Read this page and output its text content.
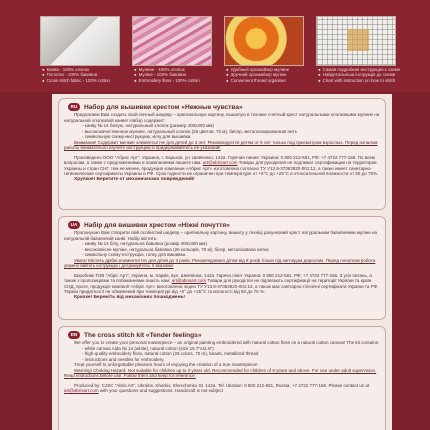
● Канва - 100% хлопок
● Полотно - 100% бавовна
● Cross stitch fabric - 100% cotton
● Мулине - 100% хлопок
● Муліне - 100% бавовна
● Embroidery floss - 100% cotton
● Удобный органайзер мулине
● Зручний органайзер муліне
● Convenient thread organiser
● Самая подробная инструкция к схеме
● Найдетальніша інструкція до схеми
● Chart with instruction on how to stitch
RU	Набор для вышивки крестом «Нежные чувства»
Предлагаем Вам создать свой личный шедевр – оригинальную картину, вышитую в технике счетный крест натуральными хлопковыми мулине на натуральной хлопковой канве! Набор содержит:
- канву № 14 белую, натуральный хлопок (размер 400х300 мм)
- высококачественное мулине, натуральный хлопок (26 цветов, 70 м), бисер, металлизированная нить
- символьную схему-инструкцию, иглу для вышивки.
Внимание! Содержит мелкие элементы! Не для детей до 3 лет. Рекомендуется детям от 8 лет только под присмотром взрослых. Перед началом работы внимательно изучите инструкцию и придерживайтесь ее указаний!
Произведено ООО "Абрис Арт", Украина, г. Харьков, ул. Шевченко, 142а. Горячая линия: Украина: 0 800 212-581, РФ: +7 4722 777-166. По всем вопросам, а также с предложениями и пожеланиями пишите нам: art@abrisart.com Товары для рукоделия не подлежат сертификации на территории Украины и стран СНГ, тем не менее, продукция компании «Абрис Арт» изготовлена согласно ТУ У13.9-37363920-001:12, а также имеет санитарно-гигиенические сертификаты Украины и РФ. Срок годности не ограничен при температуре от +5°С до +25°С и относительной влажности от 50 до 75%.
Хрупкое! Берегите от механических повреждений!
UA	Набір для вишивки хрестом «Ніжні почуття»
Пропонуємо Вам створити свій особистий шедевр – оригінальну картину, вишиту у техніці рахунковий хрест натуральним бавовняним муліне на натуральній бавовняній канві. Набір містить:
- канву № 14 білу, натуральна бавовна (розмір 400х300 мм)
- високоякісне муліне, натуральна бавовна (26 кольорів, 70 м), бісер, металізована нитка
- символьну схему-інструкцію, голку для вишивки.
Увага! Містить дрібні елементи! Не для дітей до 3 років. Рекомендовано дітям від 8 років тільки під наглядом дорослих. Перед початком роботи уважно вивчіть інструкцію і дотримуйтесь її вказівок!
Виробник ТОВ "Абріс Арт", Україна, м. Харків, вул. Шевченка, 142а. Гаряча лінія: Україна: 0 800 212-581, РФ: +7 4722 777-166. З усіх питань, а також з пропозиціями та побажаннями пишіть нам: art@abrisart.com Товари для рукоділля не підлягають сертифікації на території України та країн СНД, проте, продукція компанії «Абріс Арт» виготовлена згідно ТУ У13.9-37363920-001:12, а також має санітарно-гігієнічні сертифікати України та РФ. Термін придатності не обмежений при температурі від +5° до +25°С та вологості від 50 до 75 %.
Крихке! Бережіть від механічних пошкоджень!
EN	The cross stitch kit «Tender feelings»
We offer you to create your personal masterpiece – an original painting embroidered with natural cotton floss on a natural cotton canvas! The kit contains:
- white canvas Aida № 14 (white), natural cotton (size 15.7"x11.8")
- high-quality embroidery floss, natural cotton (26 colors, 70 m), beads, metallized thread
- instructions and needles for embroidery.
Treat yourself to unforgettable pleasure hours of enjoying the creation of a true masterpiece!
Warning! Choking Hazard. Not suitable for children up to 3 years old. Recommended for children of 8 years and above. For use under adult supervision. Read instructions before use. Follow them and keep for reference.
Produced by: CJSC "Abris Art", Ukraine, Kharkiv, Shevchenko St. 142a. Tel. Ukraine: 0 800 212-581, Russia: +7 4722 777-166. Please contact us at art@abrisart.com with your questions and suggestions. Handicraft is not subject
